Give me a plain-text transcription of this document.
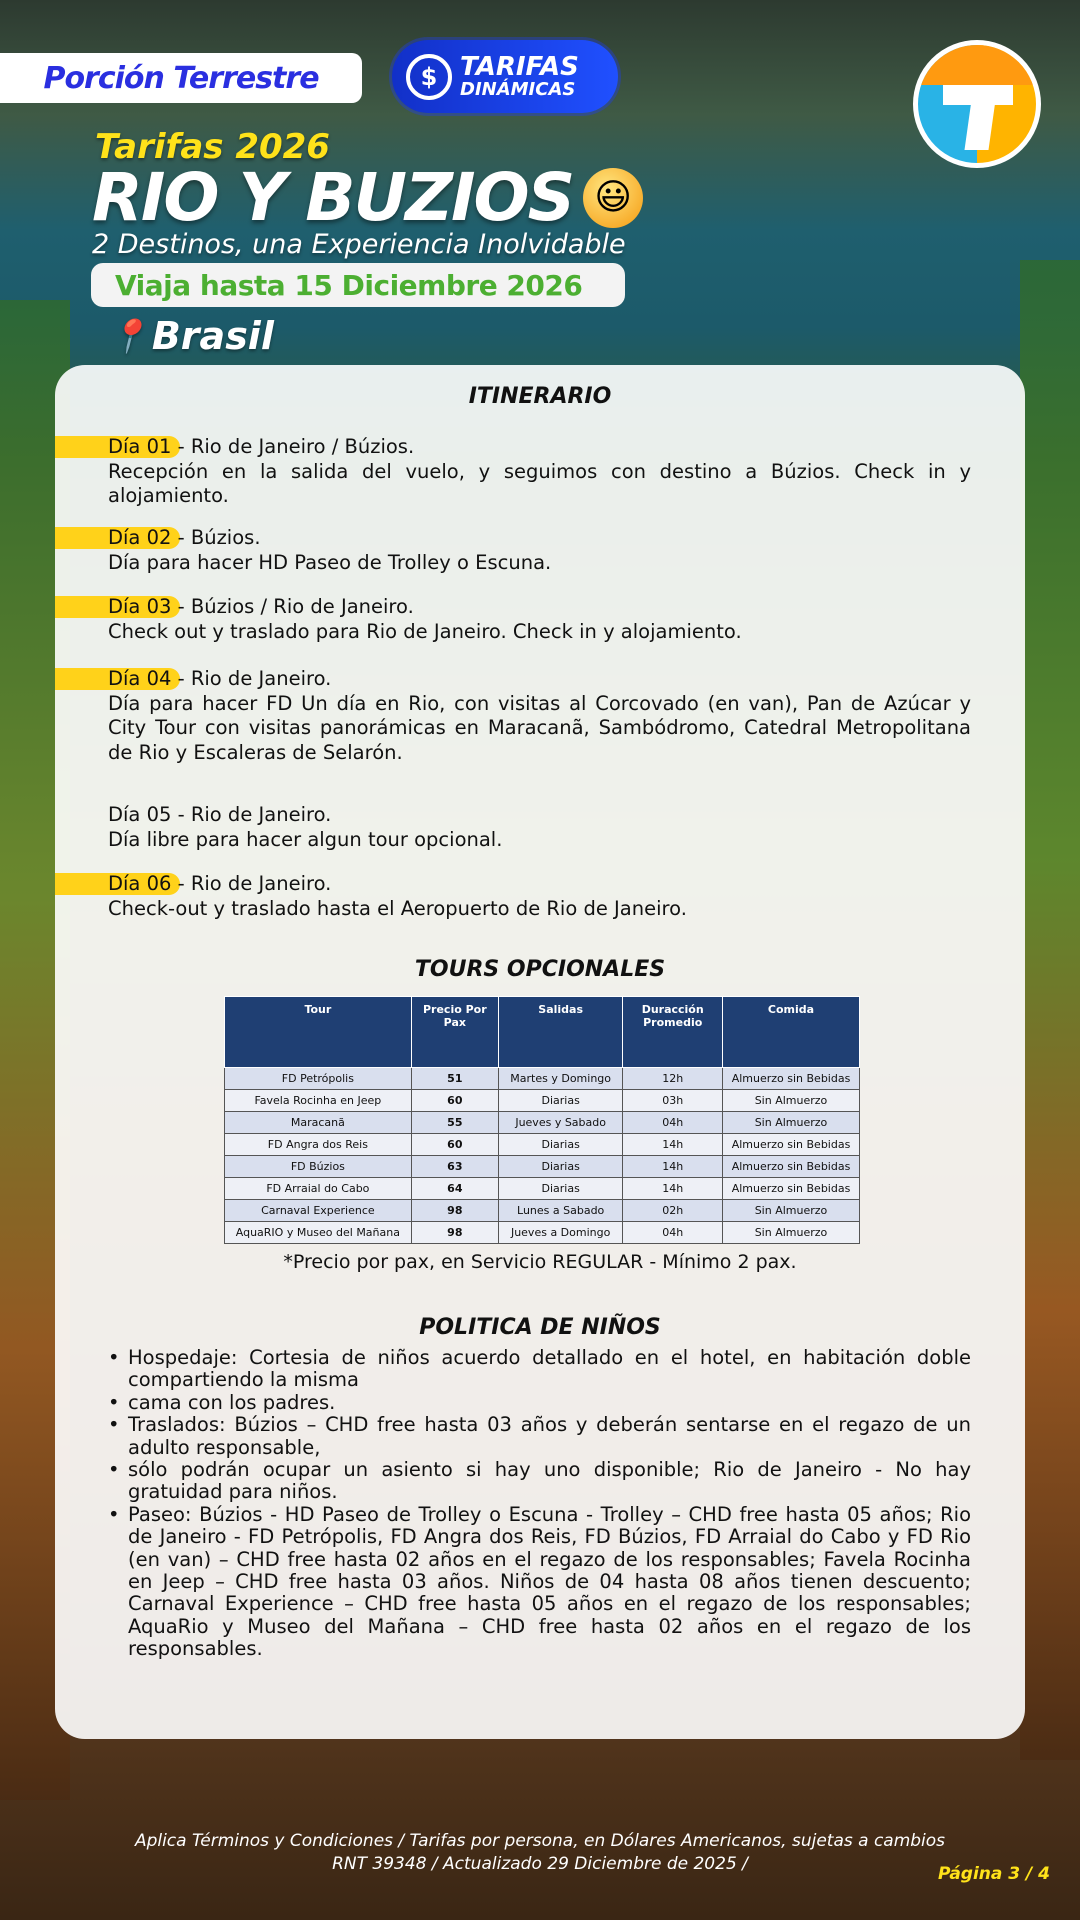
Porción Terrestre	$ TARIFAS
DINÁMICAS
Tarifas 2026
RIO Y BUZIOS 😃
2 Destinos, una Experiencia Inolvidable
Viaja hasta 15 Diciembre 2026
📍 Brasil
ITINERARIO
Día 01 - Rio de Janeiro / Búzios.
Recepción en la salida del vuelo, y seguimos con destino a Búzios. Check in y alojamiento.
Día 02 - Búzios.
Día para hacer HD Paseo de Trolley o Escuna.
Día 03 - Búzios / Rio de Janeiro.
Check out y traslado para Rio de Janeiro. Check in y alojamiento.
Día 04 - Rio de Janeiro.
Día para hacer FD Un día en Rio, con visitas al Corcovado (en van), Pan de Azúcar y City Tour con visitas panorámicas en Maracanã, Sambódromo, Catedral Metropolitana de Rio y Escaleras de Selarón.
Día 05 - Rio de Janeiro.
Día libre para hacer algun tour opcional.
Día 06 - Rio de Janeiro.
Check-out y traslado hasta el Aeropuerto de Rio de Janeiro.
TOURS OPCIONALES
Tour	Precio Por Pax	Salidas	Duracción Promedio	Comida
FD Petrópolis	51	Martes y Domingo	12h	Almuerzo sin Bebidas
Favela Rocinha en Jeep	60	Diarias	03h	Sin Almuerzo
Maracanã	55	Jueves y Sabado	04h	Sin Almuerzo
FD Angra dos Reis	60	Diarias	14h	Almuerzo sin Bebidas
FD Búzios	63	Diarias	14h	Almuerzo sin Bebidas
FD Arraial do Cabo	64	Diarias	14h	Almuerzo sin Bebidas
Carnaval Experience	98	Lunes a Sabado	02h	Sin Almuerzo
AquaRIO y Museo del Mañana	98	Jueves a Domingo	04h	Sin Almuerzo
*Precio por pax, en Servicio REGULAR - Mínimo 2 pax.
POLITICA DE NIÑOS
• Hospedaje: Cortesia de niños acuerdo detallado en el hotel, en habitación doble compartiendo la misma
• cama con los padres.
• Traslados: Búzios – CHD free hasta 03 años y deberán sentarse en el regazo de un adulto responsable,
• sólo podrán ocupar un asiento si hay uno disponible; Rio de Janeiro - No hay gratuidad para niños.
• Paseo: Búzios - HD Paseo de Trolley o Escuna - Trolley – CHD free hasta 05 años; Rio de Janeiro - FD Petrópolis, FD Angra dos Reis, FD Búzios, FD Arraial do Cabo y FD Rio (en van) – CHD free hasta 02 años en el regazo de los responsables; Favela Rocinha en Jeep – CHD free hasta 03 años. Niños de 04 hasta 08 años tienen descuento; Carnaval Experience – CHD free hasta 05 años en el regazo de los responsables; AquaRio y Museo del Mañana – CHD free hasta 02 años en el regazo de los responsables.
Aplica Términos y Condiciones / Tarifas por persona, en Dólares Americanos, sujetas a cambios
RNT 39348 / Actualizado 29 Diciembre de 2025 /	Página 3 / 4
